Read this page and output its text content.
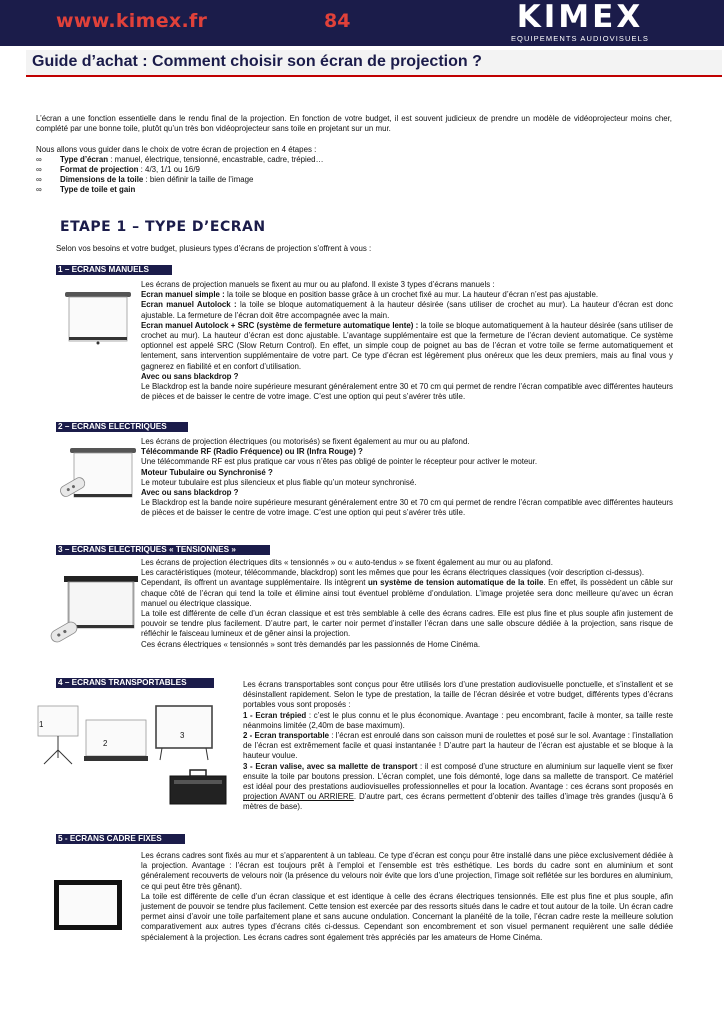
www.kimex.fr	84	KIMEX
EQUIPEMENTS AUDIOVISUELS
Guide d’achat : Comment choisir son écran de projection ?

L’écran a une fonction essentielle dans le rendu final de la projection. En fonction de votre budget, il est souvent judicieux de prendre un modèle de vidéoprojecteur moins cher, complété par une bonne toile, plutôt qu’un très bon vidéoprojecteur sans toile en projetant sur un mur.

Nous allons vous guider dans le choix de votre écran de projection en 4 étapes :

∞ Type d’écran : manuel, électrique, tensionné, encastrable, cadre, trépied…
∞ Format de projection : 4/3, 1/1 ou 16/9
∞ Dimensions de la toile : bien définir la taille de l’image
∞ Type de toile et gain
ETAPE 1 – TYPE D’ECRAN

Selon vos besoins et votre budget, plusieurs types d’écrans de projection s’offrent à vous :

1 – ECRANS MANUELS
Les écrans de projection manuels se fixent au mur ou au plafond. Il existe 3 types d’écrans manuels :
Ecran manuel simple : la toile se bloque en position basse grâce à un crochet fixé au mur. La hauteur d’écran n’est pas ajustable.
Ecran manuel Autolock : la toile se bloque automatiquement à la hauteur désirée (sans utiliser de crochet au mur). La hauteur d’écran est donc ajustable. La fermeture de l’écran doit être accompagnée avec la main.
Ecran manuel Autolock + SRC (système de fermeture automatique lente) : la toile se bloque automatiquement à la hauteur désirée (sans utiliser de crochet au mur). La hauteur d’écran est donc ajustable. L’avantage supplémentaire est que la fermeture de l’écran devient automatique. Ce système optionnel est appelé SRC (Slow Return Control). En effet, un simple coup de poignet au bas de l’écran et votre toile se ferme automatiquement et lentement, sans intervention supplémentaire de votre part. Ce type d’écran est légèrement plus onéreux que les deux premiers, mais au final vous y gagnerez en fiabilité et en confort d’utilisation.
Avec ou sans blackdrop ?
Le Blackdrop est la bande noire supérieure mesurant généralement entre 30 et 70 cm qui permet de rendre l’écran compatible avec différentes hauteurs de pièces et de baisser le centre de votre image. C’est une option qui peut s’avérer très utile.
2 – ECRANS ELECTRIQUES
Les écrans de projection électriques (ou motorisés) se fixent également au mur ou au plafond.
Télécommande RF (Radio Fréquence) ou IR (Infra Rouge) ?
Une télécommande RF est plus pratique car vous n’êtes pas obligé de pointer le récepteur pour activer le moteur.
Moteur Tubulaire ou Synchronisé ?
Le moteur tubulaire est plus silencieux et plus fiable qu’un moteur synchronisé.
Avec ou sans blackdrop ?
Le Blackdrop est la bande noire supérieure mesurant généralement entre 30 et 70 cm qui permet de rendre l’écran compatible avec différentes hauteurs de pièces et de baisser le centre de votre image. C’est une option qui peut s’avérer très utile.
3 – ECRANS ELECTRIQUES « TENSIONNES »
Les écrans de projection électriques dits « tensionnés » ou « auto-tendus » se fixent également au mur ou au plafond.
Les caractéristiques (moteur, télécommande, blackdrop) sont les mêmes que pour les écrans électriques classiques (voir description ci-dessus).
Cependant, ils offrent un avantage supplémentaire. Ils intègrent un système de tension automatique de la toile. En effet, ils possèdent un câble sur chaque côté de l’écran qui tend la toile et élimine ainsi tout éventuel problème d’ondulation. L’image projetée sera donc meilleure qu’avec un écran manuel ou électrique classique.
La toile est différente de celle d’un écran classique et est très semblable à celle des écrans cadres. Elle est plus fine et plus souple afin justement de pouvoir se tendre plus facilement. D’autre part, le carter noir permet d’installer l’écran dans une salle obscure dédiée à la projection, sans risque de réfléchir le faisceau lumineux et de gêner ainsi la projection.
Ces écrans électriques « tensionnés » sont très demandés par les passionnés de Home Cinéma.
4 – ECRANS TRANSPORTABLES
1
2
3
Les écrans transportables sont conçus pour être utilisés lors d’une prestation audiovisuelle ponctuelle, et s’installent et se désinstallent rapidement. Selon le type de prestation, la taille de l’écran désirée et votre budget, différents types d’écrans portables vous sont proposés :
1 - Ecran trépied : c’est le plus connu et le plus économique. Avantage : peu encombrant, facile à monter, sa taille reste néanmoins limitée (2,40m de base maximum).
2 - Ecran transportable : l’écran est enroulé dans son caisson muni de roulettes et posé sur le sol. Avantage : l’installation de l’écran est extrêmement facile et quasi instantanée ! D’autre part la hauteur de l’écran est ajustable et se bloque à la hauteur voulue.
3 - Ecran valise, avec sa mallette de transport : il est composé d’une structure en aluminium sur laquelle vient se fixer ensuite la toile par boutons pression. L’écran complet, une fois démonté, loge dans sa mallette de transport. Ce matériel est idéal pour des prestations audiovisuelles professionnelles et pour la location. Avantage : ces écrans sont proposés en projection AVANT ou ARRIERE. D’autre part, ces écrans permettent d’obtenir des tailles d’image très grandes (jusqu’à 6 mètres de base).
5 - ECRANS CADRE FIXES
Les écrans cadres sont fixés au mur et s’apparentent à un tableau. Ce type d’écran est conçu pour être installé dans une pièce exclusivement dédiée à la projection. Avantage : l’écran est toujours prêt à l’emploi et l’ensemble est très esthétique. Les bords du cadre sont en aluminium et sont généralement recouverts de velours noir (la présence du velours noir évite que lors d’une projection, l’image soit reflétée sur les bordures en aluminium, ce qui peut être très gênant).
La toile est différente de celle d’un écran classique et est identique à celle des écrans électriques tensionnés. Elle est plus fine et plus souple, afin justement de pouvoir se tendre plus facilement. Cette tension est exercée par des ressorts situés dans le cadre et tout autour de la toile. Un écran cadre permet ainsi d’avoir une toile parfaitement plane et sans aucune ondulation. Concernant la planéité de la toile, l’écran cadre reste la meilleure solution comparativement aux autres types d’écrans cités ci-dessus. Cependant son encombrement et son visuel permanent requièrent une salle dédiée spécialement à la projection. Les écrans cadres sont également très appréciés par les amateurs de Home Cinéma.
